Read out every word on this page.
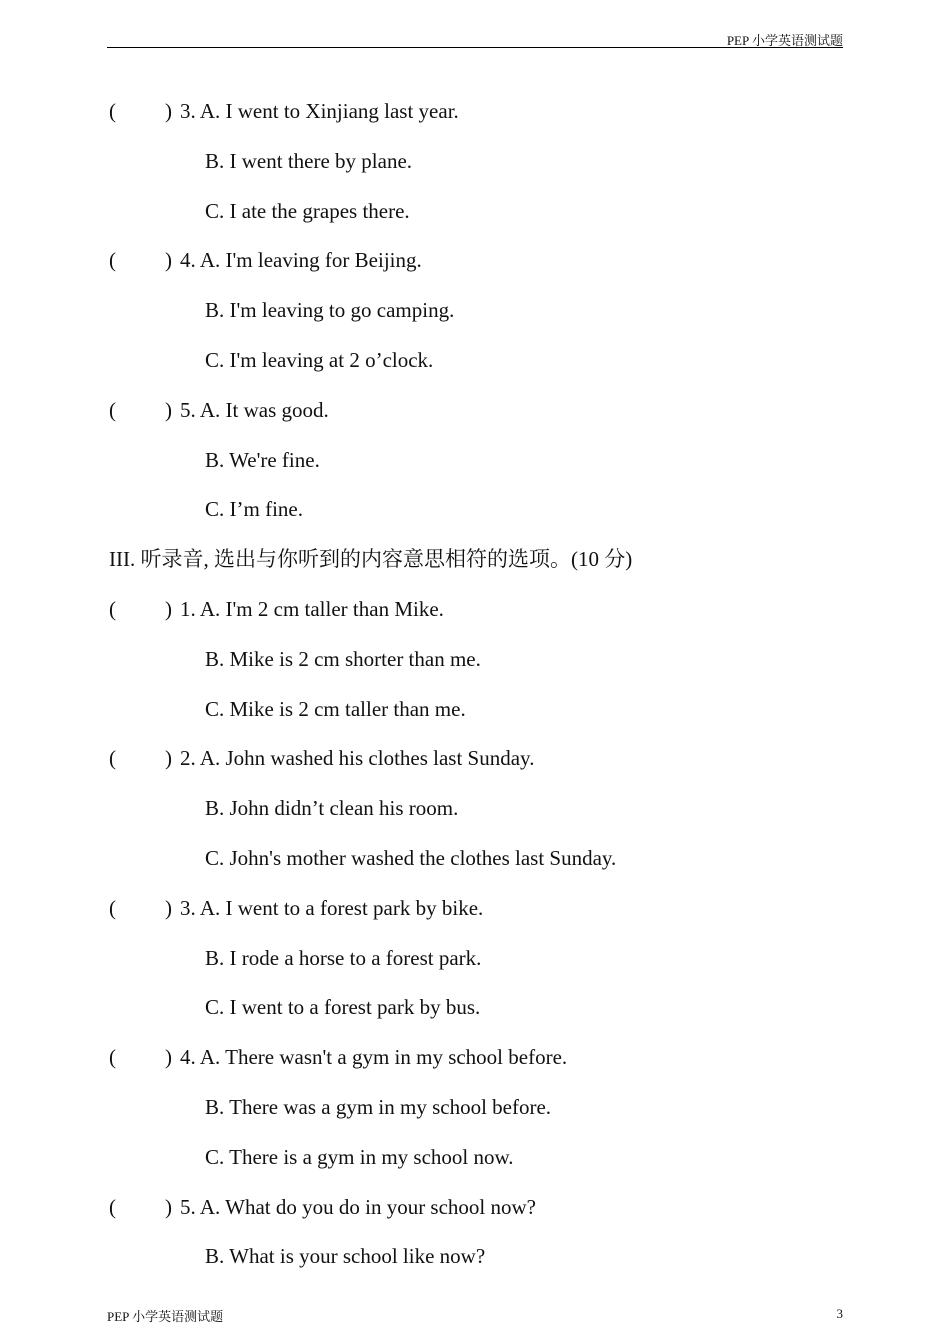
PEP 小学英语测试题
( ) 3. A. I went to Xinjiang last year.
B. I went there by plane.
C. I ate the grapes there.
( ) 4. A. I'm leaving for Beijing.
B. I'm leaving to go camping.
C. I'm leaving at 2 o’clock.
( ) 5. A. It was good.
B. We're fine.
C. I’m fine.
III. 听录音, 选出与你听到的内容意思相符的选项。(10 分)
( ) 1. A. I'm 2 cm taller than Mike.
B. Mike is 2 cm shorter than me.
C. Mike is 2 cm taller than me.
( ) 2. A. John washed his clothes last Sunday.
B. John didn’t clean his room.
C. John's mother washed the clothes last Sunday.
( ) 3. A. I went to a forest park by bike.
B. I rode a horse to a forest park.
C. I went to a forest park by bus.
( ) 4. A. There wasn't a gym in my school before.
B. There was a gym in my school before.
C. There is a gym in my school now.
( ) 5. A. What do you do in your school now?
B. What is your school like now?
PEP 小学英语测试题	3
